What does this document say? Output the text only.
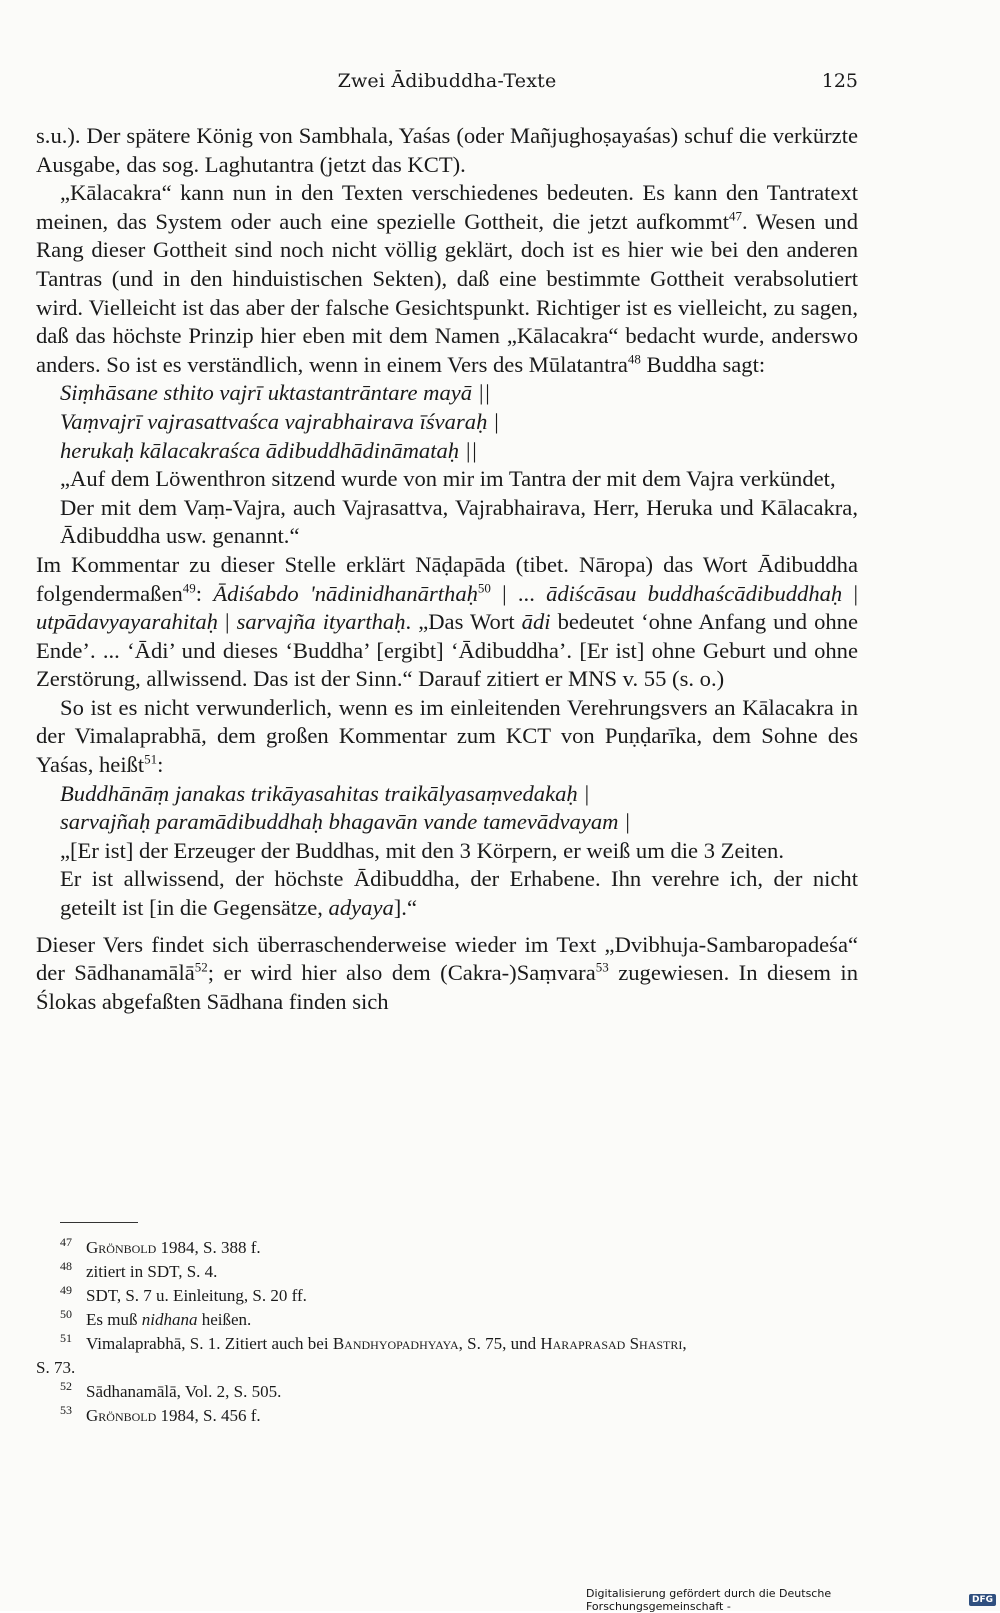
Zwei Ādibuddha-Texte	125

s.u.). Der spätere König von Sambhala, Yaśas (oder Mañjughoṣayaśas) schuf die verkürzte Ausgabe, das sog. Laghutantra (jetzt das KCT).

„Kālacakra“ kann nun in den Texten verschiedenes bedeuten. Es kann den Tantratext meinen, das System oder auch eine spezielle Gottheit, die jetzt aufkommt$^{47}$. Wesen und Rang dieser Gottheit sind noch nicht völlig geklärt, doch ist es hier wie bei den anderen Tantras (und in den hinduistischen Sekten), daß eine bestimmte Gottheit verabsolutiert wird. Vielleicht ist das aber der falsche Gesichtspunkt. Richtiger ist es vielleicht, zu sagen, daß das höchste Prinzip hier eben mit dem Namen „Kālacakra“ bedacht wurde, anderswo anders. So ist es verständlich, wenn in einem Vers des Mūlatantra$^{48}$ Buddha sagt:

Siṃhāsane sthito vajrī uktastantrāntare mayā ||
Vaṃvajrī vajrasattvaśca vajrabhairava īśvaraḥ |
herukaḥ kālacakraśca ādibuddhādināmataḥ ||
„Auf dem Löwenthron sitzend wurde von mir im Tantra der mit dem Vajra verkündet,
Der mit dem Vaṃ-Vajra, auch Vajrasattva, Vajrabhairava, Herr, Heruka und Kālacakra, Ādibuddha usw. genannt.“

Im Kommentar zu dieser Stelle erklärt Nāḍapāda (tibet. Nāropa) das Wort Ādibuddha folgendermaßen$^{49}$: Ādiśabdo 'nādinidhanārthaḥ$^{50}$ | ... ādiścāsau buddhaścādibuddhaḥ | utpādavyayarahitaḥ | sarvajña ityarthaḥ. „Das Wort ādi bedeutet ‘ohne Anfang und ohne Ende’. ... ‘Ādi’ und dieses ‘Buddha’ [ergibt] ‘Ādibuddha’. [Er ist] ohne Geburt und ohne Zerstörung, allwissend. Das ist der Sinn.“ Darauf zitiert er MNS v. 55 (s. o.)

So ist es nicht verwunderlich, wenn es im einleitenden Verehrungsvers an Kālacakra in der Vimalaprabhā, dem großen Kommentar zum KCT von Puṇḍarīka, dem Sohne des Yaśas, heißt$^{51}$:

Buddhānāṃ janakas trikāyasahitas traikālyasaṃvedakaḥ |
sarvajñaḥ paramādibuddhaḥ bhagavān vande tamevādvayam |
„[Er ist] der Erzeuger der Buddhas, mit den 3 Körpern, er weiß um die 3 Zeiten.
Er ist allwissend, der höchste Ādibuddha, der Erhabene. Ihn verehre ich, der nicht geteilt ist [in die Gegensätze, adyaya].“

Dieser Vers findet sich überraschenderweise wieder im Text „Dvibhuja-Sambaropadeśa“ der Sādhanamālā$^{52}$; er wird hier also dem (Cakra-)Saṃvara$^{53}$ zugewiesen. In diesem in Ślokas abgefaßten Sādhana finden sich

47 Grönbold 1984, S. 388 f.
48 zitiert in SDT, S. 4.
49 SDT, S. 7 u. Einleitung, S. 20 ff.
50 Es muß nidhana heißen.
51 Vimalaprabhā, S. 1. Zitiert auch bei Bandhyopadhyaya, S. 75, und Haraprasad Shastri,
S. 73.
52 Sādhanamālā, Vol. 2, S. 505.
53 Grönbold 1984, S. 456 f.
Digitalisierung gefördert durch die Deutsche Forschungsgemeinschaft -	DFG
